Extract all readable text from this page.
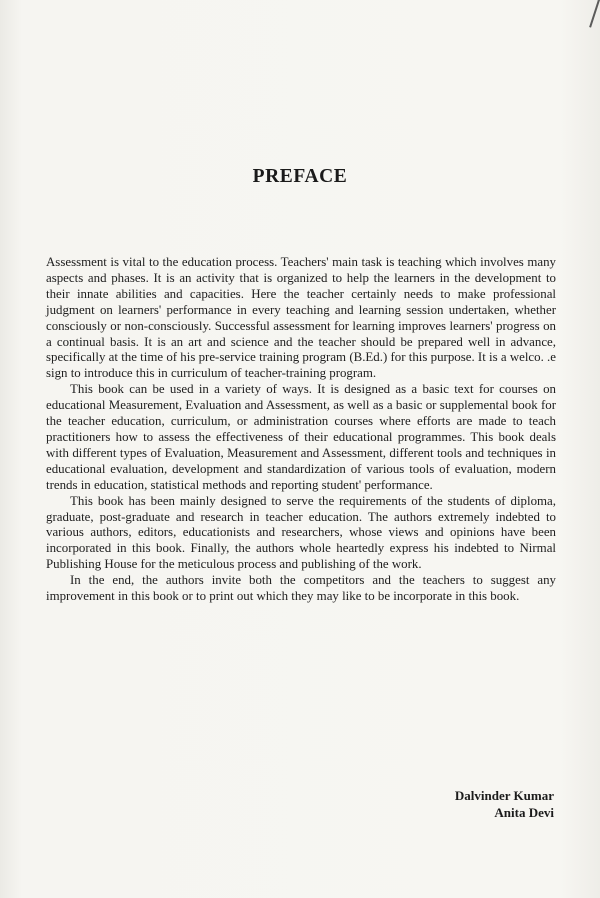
PREFACE

Assessment is vital to the education process. Teachers' main task is teaching which involves many aspects and phases. It is an activity that is organized to help the learners in the development to their innate abilities and capacities. Here the teacher certainly needs to make professional judgment on learners' performance in every teaching and learning session undertaken, whether consciously or non-consciously. Successful assessment for learning improves learners' progress on a continual basis. It is an art and science and the teacher should be prepared well in advance, specifically at the time of his pre-service training program (B.Ed.) for this purpose. It is a welco. .e sign to introduce this in curriculum of teacher-training program.

This book can be used in a variety of ways. It is designed as a basic text for courses on educational Measurement, Evaluation and Assessment, as well as a basic or supplemental book for the teacher education, curriculum, or administration courses where efforts are made to teach practitioners how to assess the effectiveness of their educational programmes. This book deals with different types of Evaluation, Measurement and Assessment, different tools and techniques in educational evaluation, development and standardization of various tools of evaluation, modern trends in education, statistical methods and reporting student' performance.

This book has been mainly designed to serve the requirements of the students of diploma, graduate, post-graduate and research in teacher education. The authors extremely indebted to various authors, editors, educationists and researchers, whose views and opinions have been incorporated in this book. Finally, the authors whole heartedly express his indebted to Nirmal Publishing House for the meticulous process and publishing of the work.

In the end, the authors invite both the competitors and the teachers to suggest any improvement in this book or to print out which they may like to be incorporate in this book.

Dalvinder Kumar
Anita Devi
